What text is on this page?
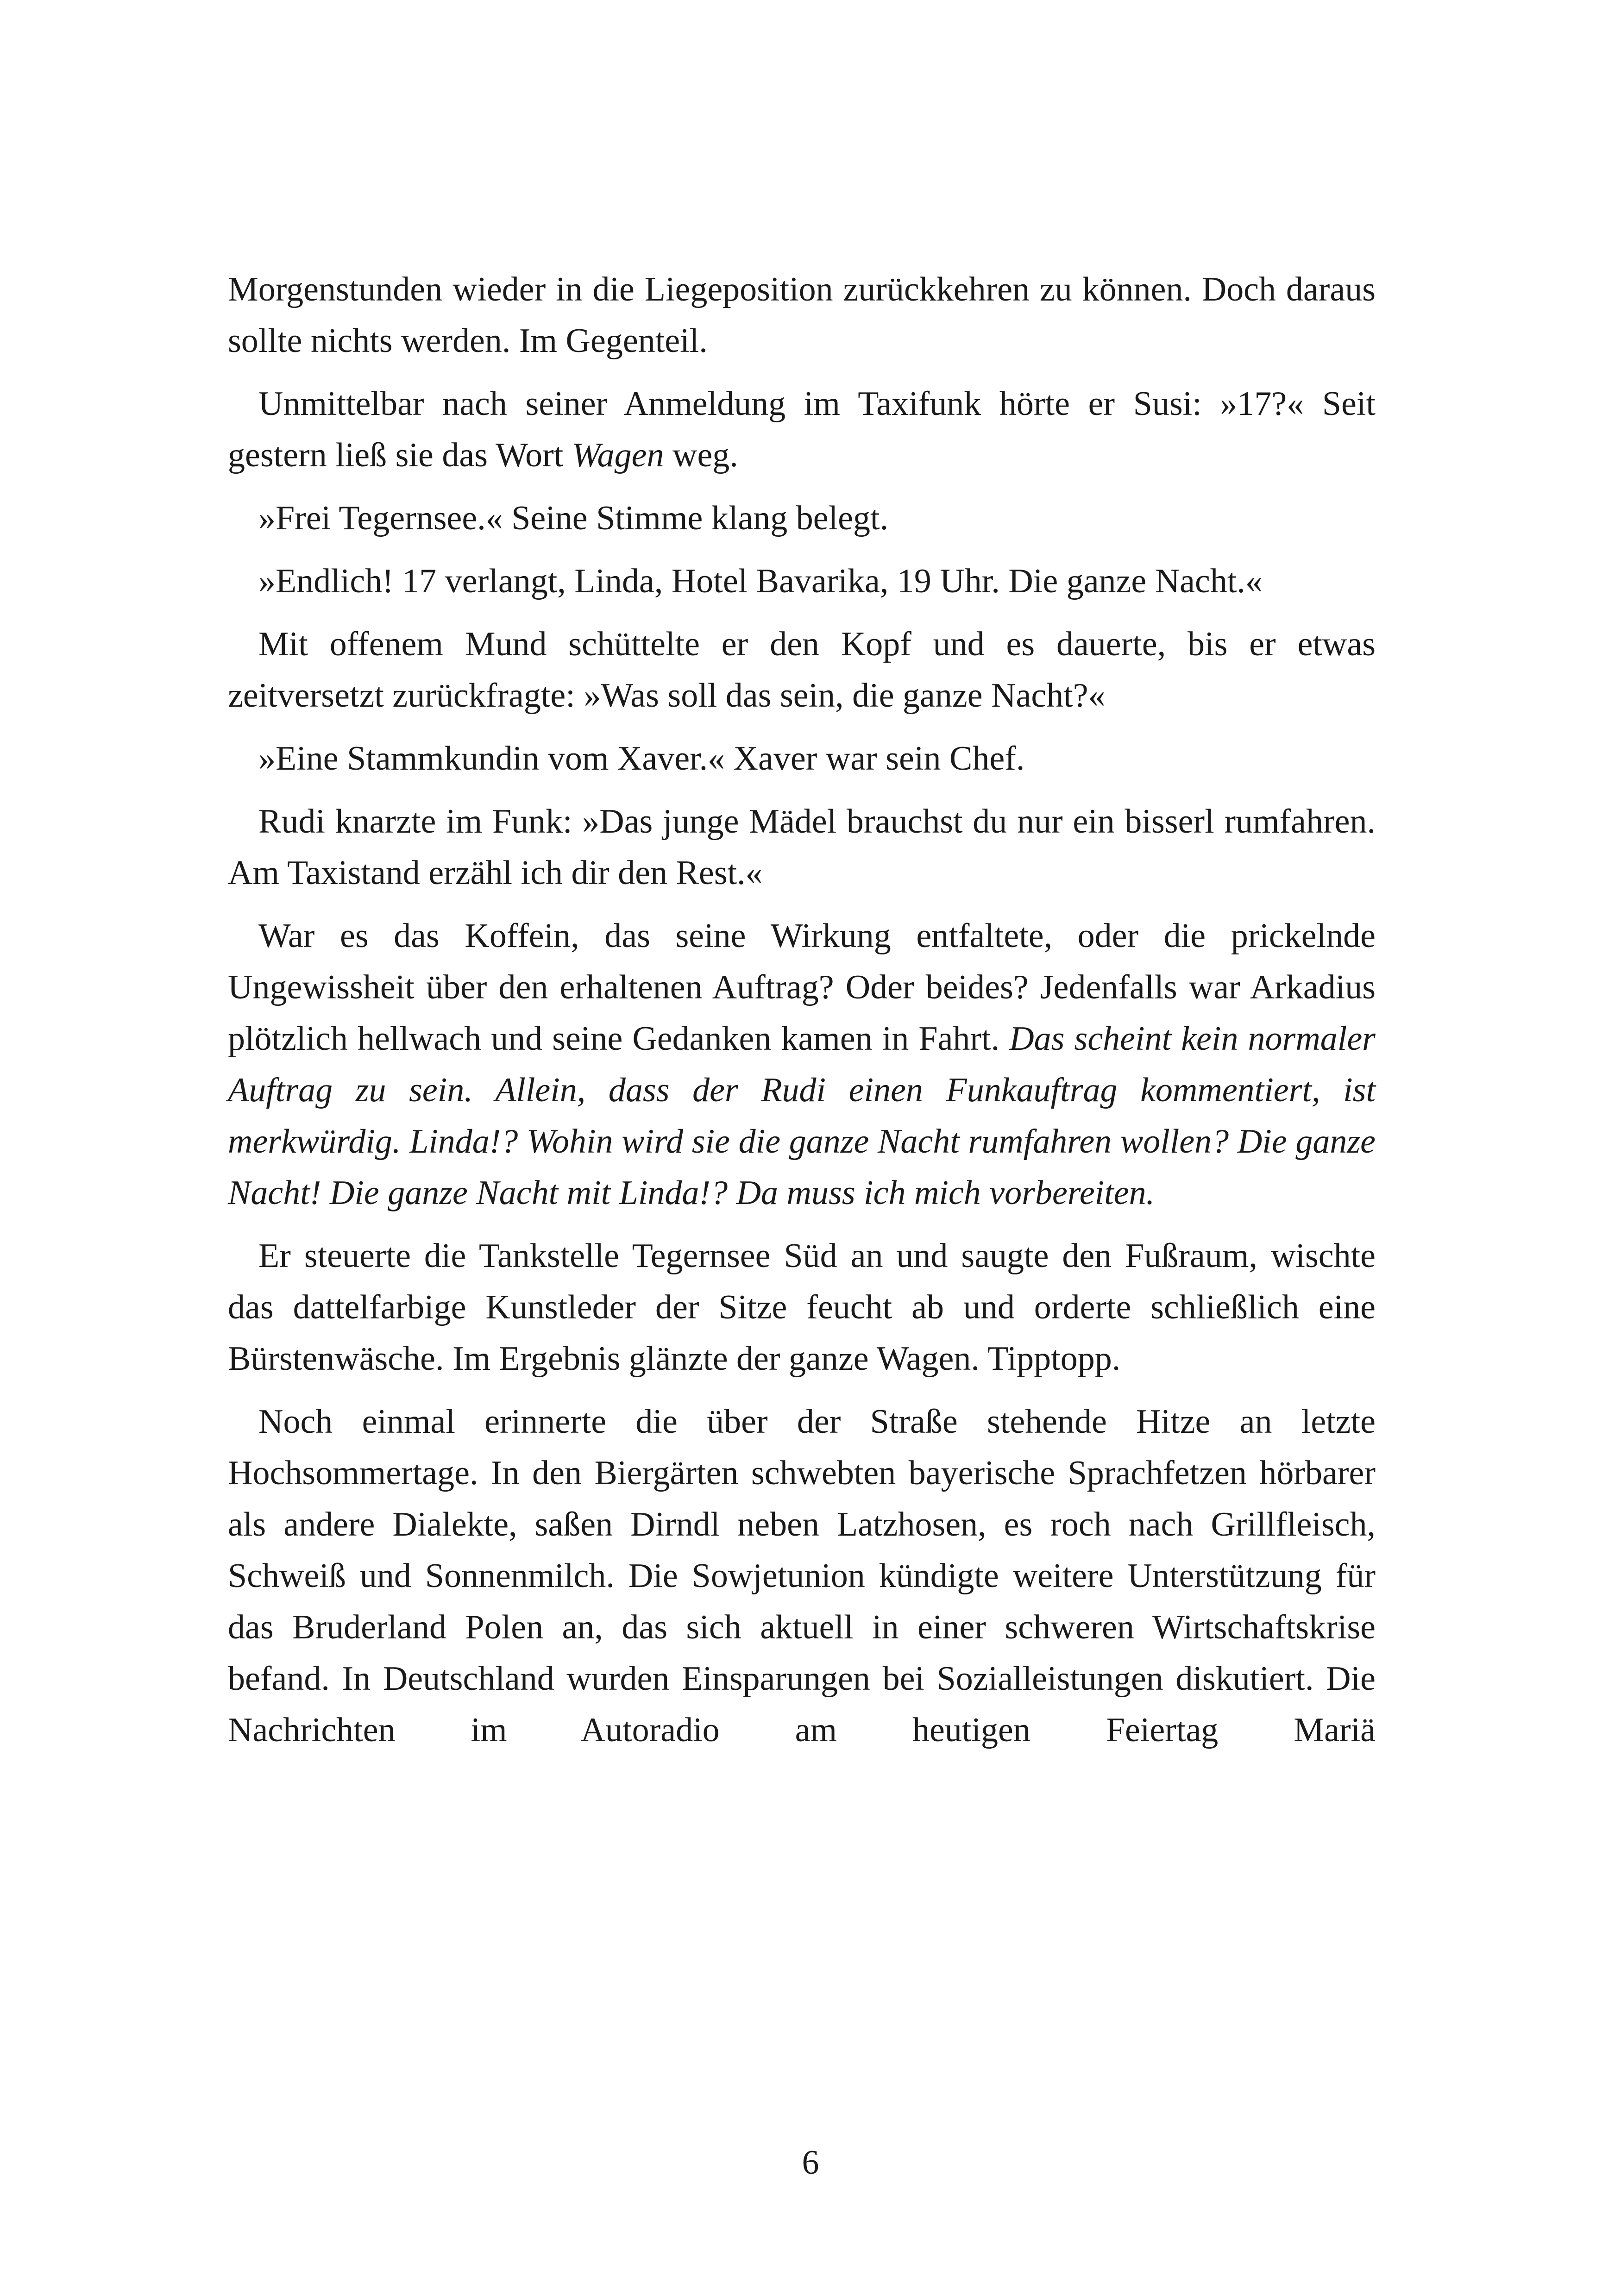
Morgenstunden wieder in die Liegeposition zurückkehren zu können. Doch daraus sollte nichts werden. Im Gegenteil.

Unmittelbar nach seiner Anmeldung im Taxifunk hörte er Susi: »17?« Seit gestern ließ sie das Wort Wagen weg.

»Frei Tegernsee.« Seine Stimme klang belegt.

»Endlich! 17 verlangt, Linda, Hotel Bavarika, 19 Uhr. Die ganze Nacht.«

Mit offenem Mund schüttelte er den Kopf und es dauerte, bis er etwas zeitversetzt zurückfragte: »Was soll das sein, die ganze Nacht?«

»Eine Stammkundin vom Xaver.« Xaver war sein Chef.

Rudi knarzte im Funk: »Das junge Mädel brauchst du nur ein bisserl rumfahren. Am Taxistand erzähl ich dir den Rest.«

War es das Koffein, das seine Wirkung entfaltete, oder die prickelnde Ungewissheit über den erhaltenen Auftrag? Oder beides? Jedenfalls war Arkadius plötzlich hellwach und seine Gedanken kamen in Fahrt. Das scheint kein normaler Auftrag zu sein. Allein, dass der Rudi einen Funkauftrag kommentiert, ist merkwürdig. Linda!? Wohin wird sie die ganze Nacht rumfahren wollen? Die ganze Nacht! Die ganze Nacht mit Linda!? Da muss ich mich vorbereiten.

Er steuerte die Tankstelle Tegernsee Süd an und saugte den Fußraum, wischte das dattelfarbige Kunstleder der Sitze feucht ab und orderte schließlich eine Bürstenwäsche. Im Ergebnis glänzte der ganze Wagen. Tipptopp.

Noch einmal erinnerte die über der Straße stehende Hitze an letzte Hochsommertage. In den Biergärten schwebten bayerische Sprachfetzen hörbarer als andere Dialekte, saßen Dirndl neben Latzhosen, es roch nach Grillfleisch, Schweiß und Sonnenmilch. Die Sowjetunion kündigte weitere Unterstützung für das Bruderland Polen an, das sich aktuell in einer schweren Wirtschaftskrise befand. In Deutschland wurden Einsparungen bei Sozialleistungen diskutiert. Die Nachrichten im Autoradio am heutigen Feiertag Mariä

6
